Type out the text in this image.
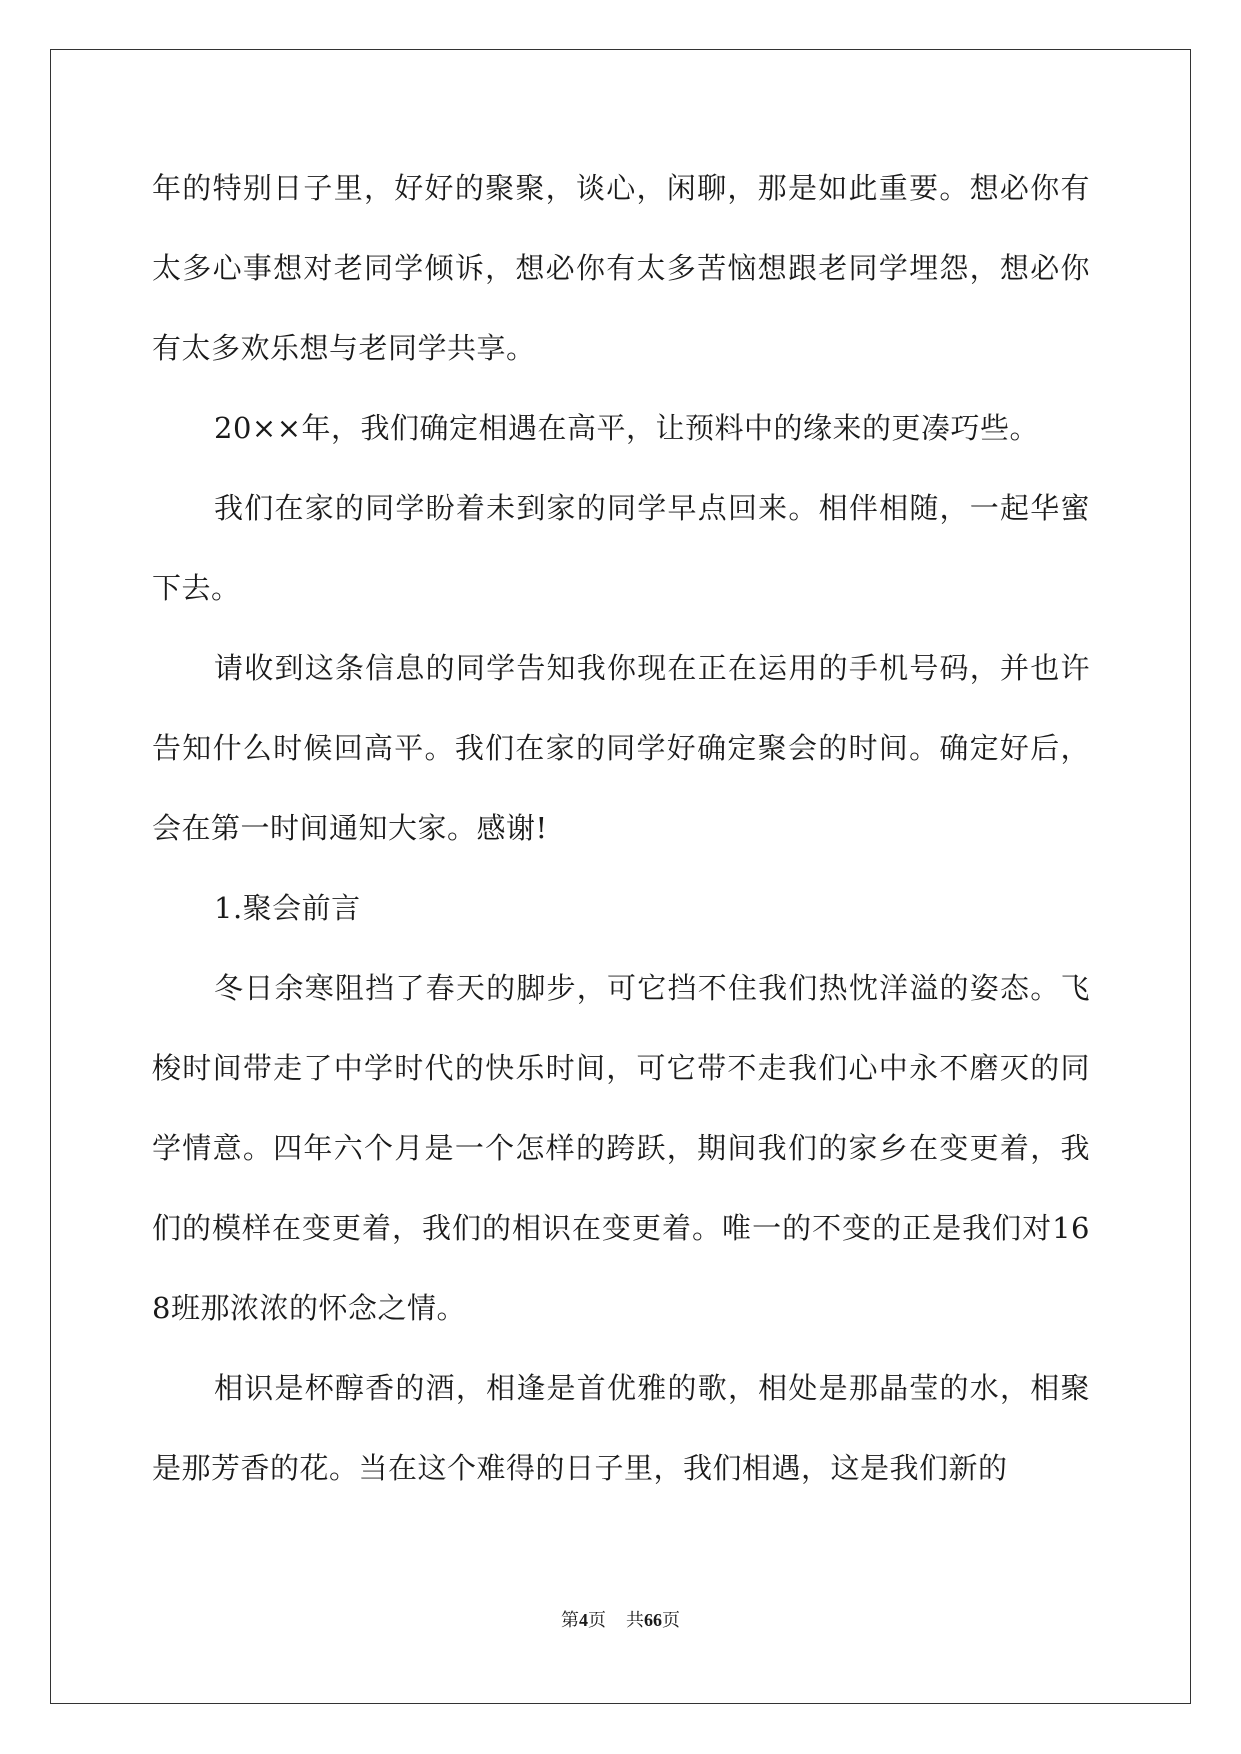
年的特别日子里，好好的聚聚，谈心，闲聊，那是如此重要。想必你有太多心事想对老同学倾诉，想必你有太多苦恼想跟老同学埋怨，想必你有太多欢乐想与老同学共享。

20××年，我们确定相遇在高平，让预料中的缘来的更凑巧些。

我们在家的同学盼着未到家的同学早点回来。相伴相随，一起华蜜下去。

请收到这条信息的同学告知我你现在正在运用的手机号码，并也许告知什么时候回高平。我们在家的同学好确定聚会的时间。确定好后，会在第一时间通知大家。感谢!

1.聚会前言

冬日余寒阻挡了春天的脚步，可它挡不住我们热忱洋溢的姿态。飞梭时间带走了中学时代的快乐时间，可它带不走我们心中永不磨灭的同学情意。四年六个月是一个怎样的跨跃，期间我们的家乡在变更着，我们的模样在变更着，我们的相识在变更着。唯一的不变的正是我们对168班那浓浓的怀念之情。

相识是杯醇香的酒，相逢是首优雅的歌，相处是那晶莹的水，相聚是那芳香的花。当在这个难得的日子里，我们相遇，这是我们新的

第4页 共66页
